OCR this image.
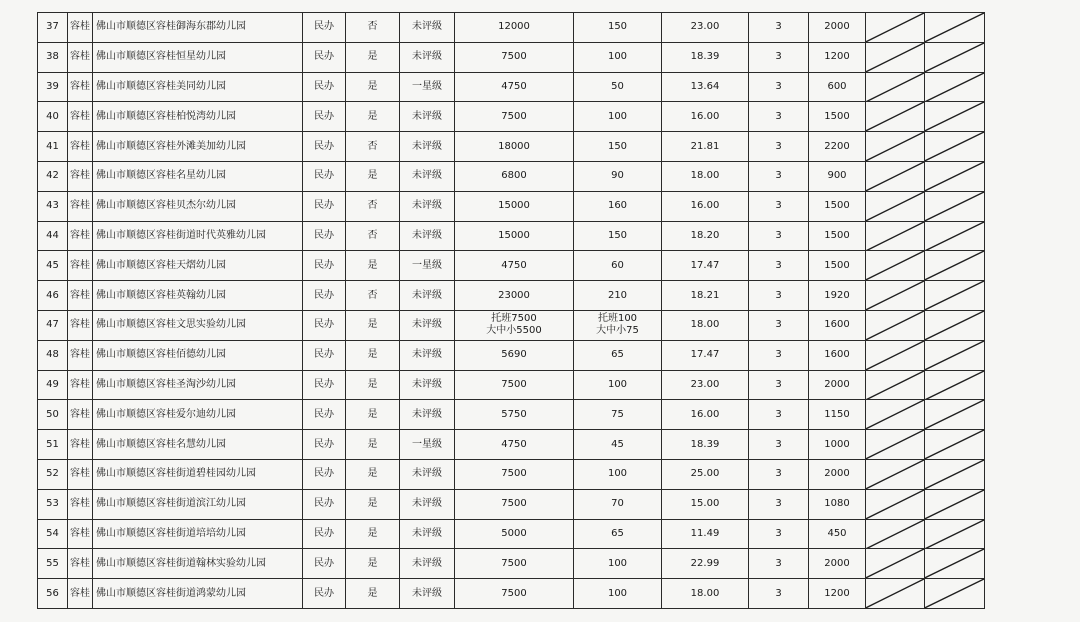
37	容桂	佛山市顺德区容桂御海东郡幼儿园	民办	否	未评级	12000	150	23.00	3	2000	

38	容桂	佛山市顺德区容桂恒星幼儿园	民办	是	未评级	7500	100	18.39	3	1200	

39	容桂	佛山市顺德区容桂美同幼儿园	民办	是	一星级	4750	50	13.64	3	600	

40	容桂	佛山市顺德区容桂柏悦湾幼儿园	民办	是	未评级	7500	100	16.00	3	1500	

41	容桂	佛山市顺德区容桂外滩美加幼儿园	民办	否	未评级	18000	150	21.81	3	2200	

42	容桂	佛山市顺德区容桂名星幼儿园	民办	是	未评级	6800	90	18.00	3	900	

43	容桂	佛山市顺德区容桂贝杰尔幼儿园	民办	否	未评级	15000	160	16.00	3	1500	

44	容桂	佛山市顺德区容桂街道时代英雅幼儿园	民办	否	未评级	15000	150	18.20	3	1500	

45	容桂	佛山市顺德区容桂天熠幼儿园	民办	是	一星级	4750	60	17.47	3	1500	

46	容桂	佛山市顺德区容桂英翰幼儿园	民办	否	未评级	23000	210	18.21	3	1920	

47	容桂	佛山市顺德区容桂文思实验幼儿园	民办	是	未评级	托班7500
大中小5500	托班100
大中小75	18.00	3	1600	

48	容桂	佛山市顺德区容桂佰德幼儿园	民办	是	未评级	5690	65	17.47	3	1600	

49	容桂	佛山市顺德区容桂圣淘沙幼儿园	民办	是	未评级	7500	100	23.00	3	2000	

50	容桂	佛山市顺德区容桂爱尔迪幼儿园	民办	是	未评级	5750	75	16.00	3	1150	

51	容桂	佛山市顺德区容桂名慧幼儿园	民办	是	一星级	4750	45	18.39	3	1000	

52	容桂	佛山市顺德区容桂街道碧桂园幼儿园	民办	是	未评级	7500	100	25.00	3	2000	

53	容桂	佛山市顺德区容桂街道滨江幼儿园	民办	是	未评级	7500	70	15.00	3	1080	

54	容桂	佛山市顺德区容桂街道培培幼儿园	民办	是	未评级	5000	65	11.49	3	450	

55	容桂	佛山市顺德区容桂街道翰林实验幼儿园	民办	是	未评级	7500	100	22.99	3	2000	

56	容桂	佛山市顺德区容桂街道鸿蒙幼儿园	民办	是	未评级	7500	100	18.00	3	1200	
